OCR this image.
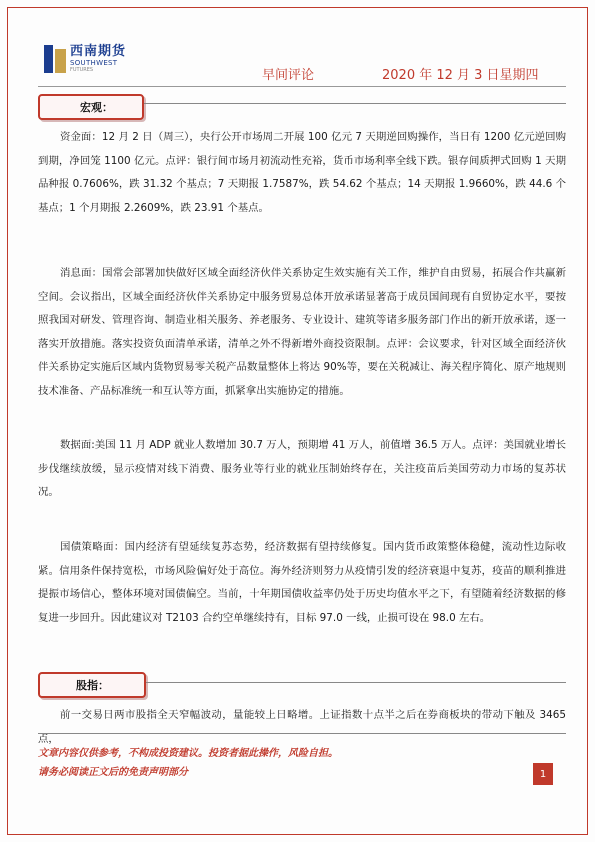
西南期货
SOUTHWEST
FUTURES	早间评论	2020 年 12 月 3 日星期四
宏观：

资金面：12 月 2 日（周三），央行公开市场周二开展 100 亿元 7 天期逆回购操作，当日有 1200 亿元逆回购到期，净回笼 1100 亿元。点评：银行间市场月初流动性充裕，货币市场利率全线下跌。银存间质押式回购 1 天期品种报 0.7606%，跌 31.32 个基点；7 天期报 1.7587%，跌 54.62 个基点；14 天期报 1.9660%，跌 44.6 个基点；1 个月期报 2.2609%，跌 23.91 个基点。

消息面：国常会部署加快做好区域全面经济伙伴关系协定生效实施有关工作，维护自由贸易，拓展合作共赢新空间。会议指出，区域全面经济伙伴关系协定中服务贸易总体开放承诺显著高于成员国间现有自贸协定水平，要按照我国对研发、管理咨询、制造业相关服务、养老服务、专业设计、建筑等诸多服务部门作出的新开放承诺，逐一落实开放措施。落实投资负面清单承诺，清单之外不得新增外商投资限制。点评：会议要求，针对区域全面经济伙伴关系协定实施后区域内货物贸易零关税产品数量整体上将达 90%等，要在关税减让、海关程序简化、原产地规则技术准备、产品标准统一和互认等方面，抓紧拿出实施协定的措施。

数据面:美国 11 月 ADP 就业人数增加 30.7 万人，预期增 41 万人，前值增 36.5 万人。点评：美国就业增长步伐继续放缓，显示疫情对线下消费、服务业等行业的就业压制始终存在，关注疫苗后美国劳动力市场的复苏状况。

国债策略面：国内经济有望延续复苏态势，经济数据有望持续修复。国内货币政策整体稳健，流动性边际收紧。信用条件保持宽松，市场风险偏好处于高位。海外经济则努力从疫情引发的经济衰退中复苏，疫苗的顺利推进提振市场信心，整体环境对国债偏空。当前，十年期国债收益率仍处于历史均值水平之下，有望随着经济数据的修复进一步回升。因此建议对 T2103 合约空单继续持有，目标 97.0 一线，止损可设在 98.0 左右。

股指：

前一交易日两市股指全天窄幅波动，量能较上日略增。上证指数十点半之后在券商板块的带动下触及 3465 点，

文章内容仅供参考，不构成投资建议。投资者据此操作，风险自担。
请务必阅读正文后的免责声明部分	1
